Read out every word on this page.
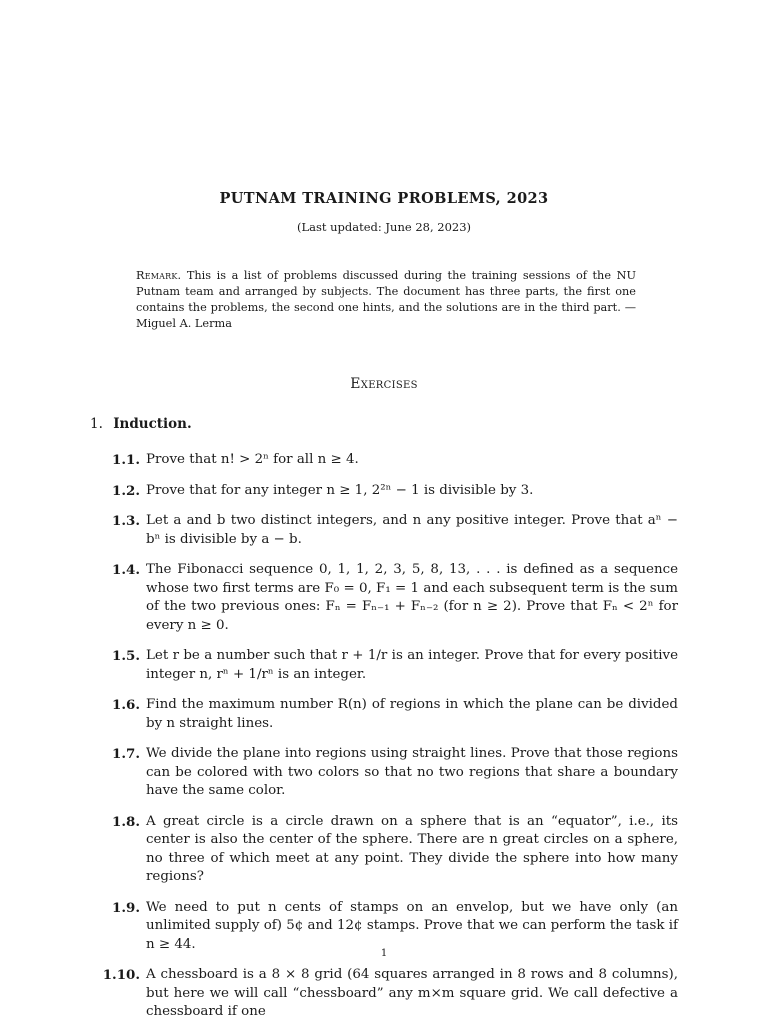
PUTNAM TRAINING PROBLEMS, 2023
(Last updated: June 28, 2023)
Remark. This is a list of problems discussed during the training sessions of the NU Putnam team and arranged by subjects. The document has three parts, the first one contains the problems, the second one hints, and the solutions are in the third part. —Miguel A. Lerma
Exercises
1. Induction.
1.1. Prove that n! > 2ⁿ for all n ≥ 4.
1.2. Prove that for any integer n ≥ 1, 2²ⁿ − 1 is divisible by 3.
1.3. Let a and b two distinct integers, and n any positive integer. Prove that aⁿ − bⁿ is divisible by a − b.
1.4. The Fibonacci sequence 0, 1, 1, 2, 3, 5, 8, 13, . . . is defined as a sequence whose two first terms are F₀ = 0, F₁ = 1 and each subsequent term is the sum of the two previous ones: Fₙ = Fₙ₋₁ + Fₙ₋₂ (for n ≥ 2). Prove that Fₙ < 2ⁿ for every n ≥ 0.
1.5. Let r be a number such that r + 1/r is an integer. Prove that for every positive integer n, rⁿ + 1/rⁿ is an integer.
1.6. Find the maximum number R(n) of regions in which the plane can be divided by n straight lines.
1.7. We divide the plane into regions using straight lines. Prove that those regions can be colored with two colors so that no two regions that share a boundary have the same color.
1.8. A great circle is a circle drawn on a sphere that is an “equator”, i.e., its center is also the center of the sphere. There are n great circles on a sphere, no three of which meet at any point. They divide the sphere into how many regions?
1.9. We need to put n cents of stamps on an envelop, but we have only (an unlimited supply of) 5¢ and 12¢ stamps. Prove that we can perform the task if n ≥ 44.
1.10. A chessboard is a 8 × 8 grid (64 squares arranged in 8 rows and 8 columns), but here we will call “chessboard” any m×m square grid. We call defective a chessboard if one
1
